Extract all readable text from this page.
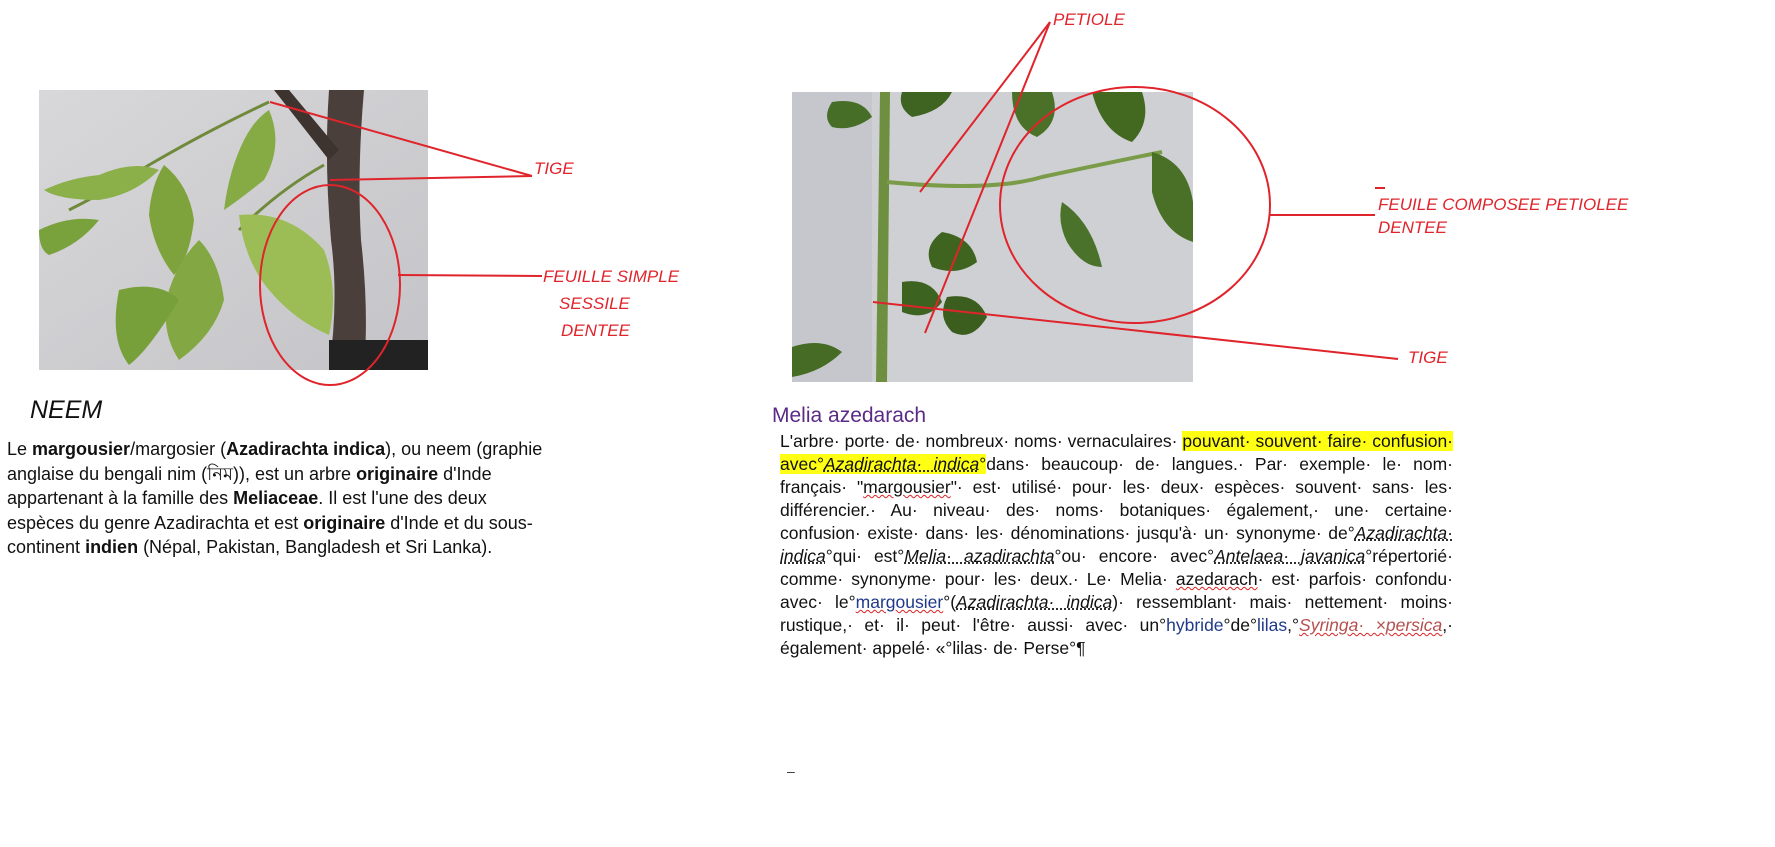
TIGE
FEUILLE SIMPLE
SESSILE
DENTEE
PETIOLE
FEUILE COMPOSEE PETIOLEE
DENTEE
TIGE
NEEM
Le margousier/margosier (Azadirachta indica), ou neem (graphie anglaise du bengali nim (নিম)), est un arbre originaire d'Inde appartenant à la famille des Meliaceae. Il est l'une des deux espèces du genre Azadirachta et est originaire d'Inde et du sous-continent indien (Népal, Pakistan, Bangladesh et Sri Lanka).
Melia azedarach
L'arbre· porte· de· nombreux· noms· vernaculaires· pouvant· souvent· faire· confusion· avec°Azadirachta· indica°dans· beaucoup· de· langues.· Par· exemple· le· nom· français· "margousier"· est· utilisé· pour· les· deux· espèces· souvent· sans· les· différencier.· Au· niveau· des· noms· botaniques· également,· une· certaine· confusion· existe· dans· les· dénominations· jusqu'à· un· synonyme· de°Azadirachta· indica°qui· est°Melia· azadirachta°ou· encore· avec°Antelaea· javanica°répertorié· comme· synonyme· pour· les· deux.· Le· Melia· azedarach· est· parfois· confondu· avec· le°margousier°(Azadirachta· indica)· ressemblant· mais· nettement· moins· rustique,· et· il· peut· l'être· aussi· avec· un°hybride°de°lilas,°Syringa· ×persica,· également· appelé· «°lilas· de· Perse°¶
–
